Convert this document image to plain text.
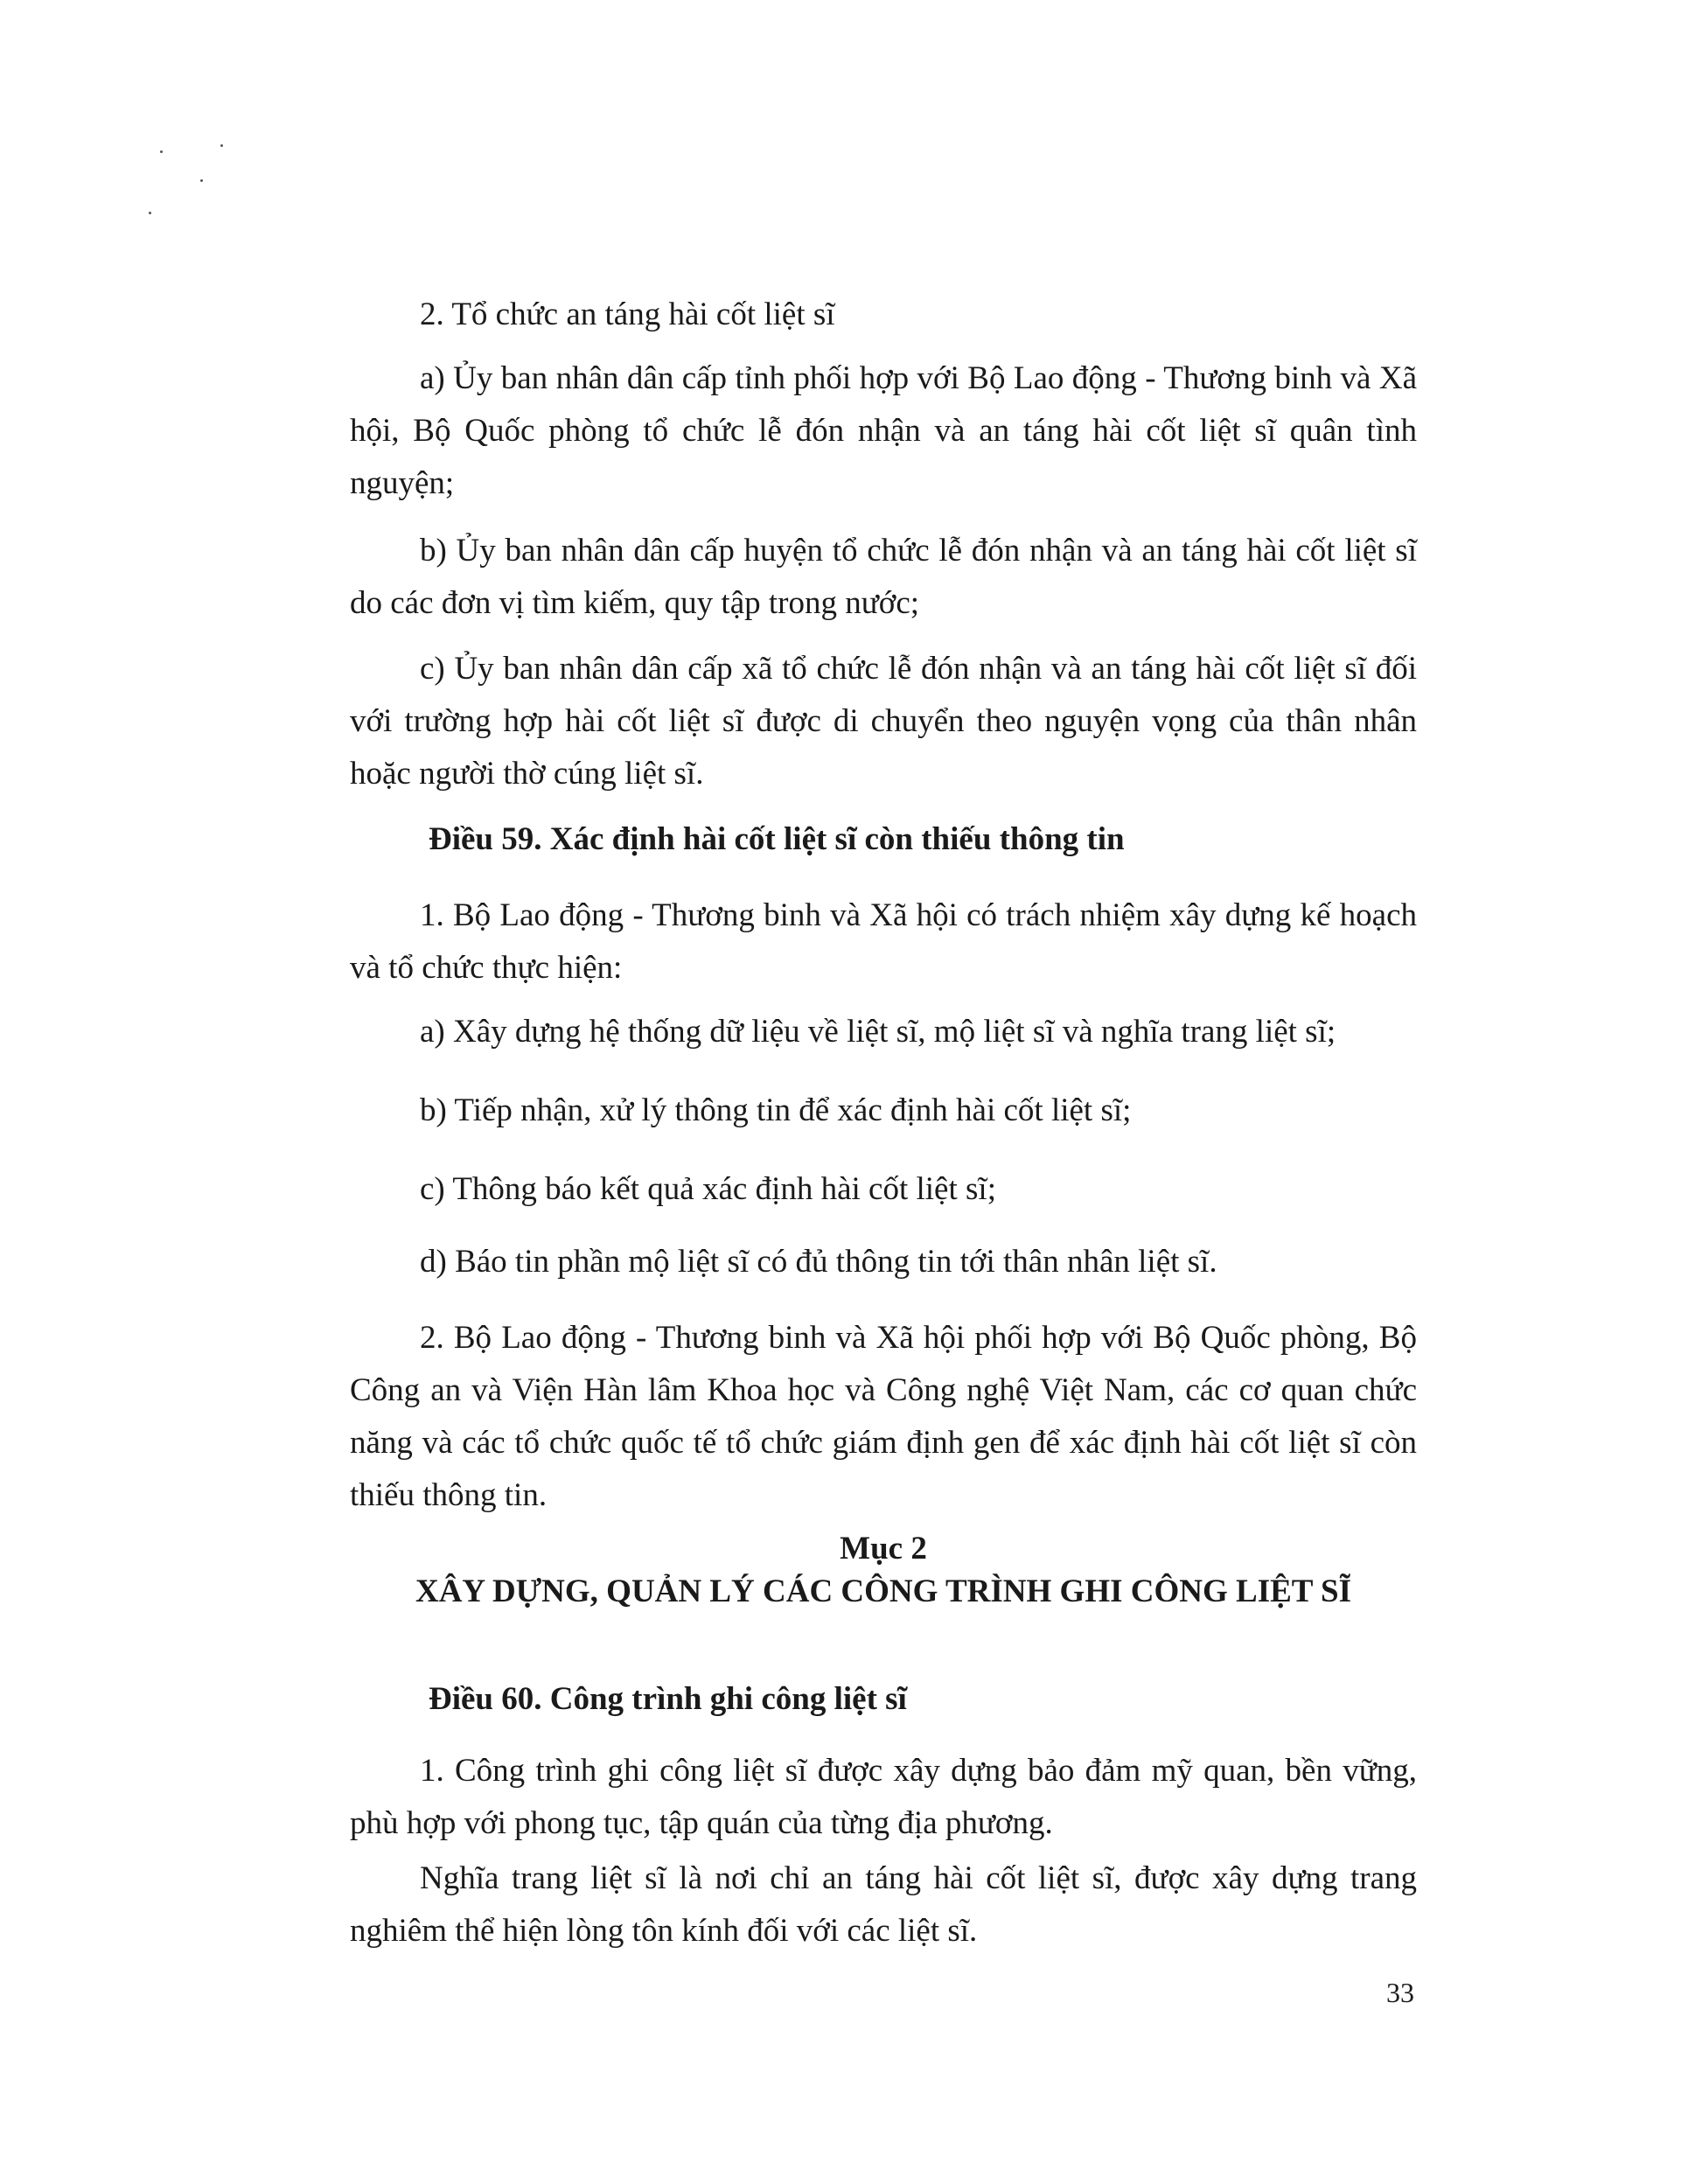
2. Tổ chức an táng hài cốt liệt sĩ

a) Ủy ban nhân dân cấp tỉnh phối hợp với Bộ Lao động - Thương binh và Xã hội, Bộ Quốc phòng tổ chức lễ đón nhận và an táng hài cốt liệt sĩ quân tình nguyện;

b) Ủy ban nhân dân cấp huyện tổ chức lễ đón nhận và an táng hài cốt liệt sĩ do các đơn vị tìm kiếm, quy tập trong nước;

c) Ủy ban nhân dân cấp xã tổ chức lễ đón nhận và an táng hài cốt liệt sĩ đối với trường hợp hài cốt liệt sĩ được di chuyển theo nguyện vọng của thân nhân hoặc người thờ cúng liệt sĩ.

Điều 59. Xác định hài cốt liệt sĩ còn thiếu thông tin

1. Bộ Lao động - Thương binh và Xã hội có trách nhiệm xây dựng kế hoạch và tổ chức thực hiện:

a) Xây dựng hệ thống dữ liệu về liệt sĩ, mộ liệt sĩ và nghĩa trang liệt sĩ;

b) Tiếp nhận, xử lý thông tin để xác định hài cốt liệt sĩ;

c) Thông báo kết quả xác định hài cốt liệt sĩ;

d) Báo tin phần mộ liệt sĩ có đủ thông tin tới thân nhân liệt sĩ.

2. Bộ Lao động - Thương binh và Xã hội phối hợp với Bộ Quốc phòng, Bộ Công an và Viện Hàn lâm Khoa học và Công nghệ Việt Nam, các cơ quan chức năng và các tổ chức quốc tế tổ chức giám định gen để xác định hài cốt liệt sĩ còn thiếu thông tin.

Mục 2

XÂY DỰNG, QUẢN LÝ CÁC CÔNG TRÌNH GHI CÔNG LIỆT SĨ

Điều 60. Công trình ghi công liệt sĩ

1. Công trình ghi công liệt sĩ được xây dựng bảo đảm mỹ quan, bền vững, phù hợp với phong tục, tập quán của từng địa phương.

Nghĩa trang liệt sĩ là nơi chỉ an táng hài cốt liệt sĩ, được xây dựng trang nghiêm thể hiện lòng tôn kính đối với các liệt sĩ.

33
